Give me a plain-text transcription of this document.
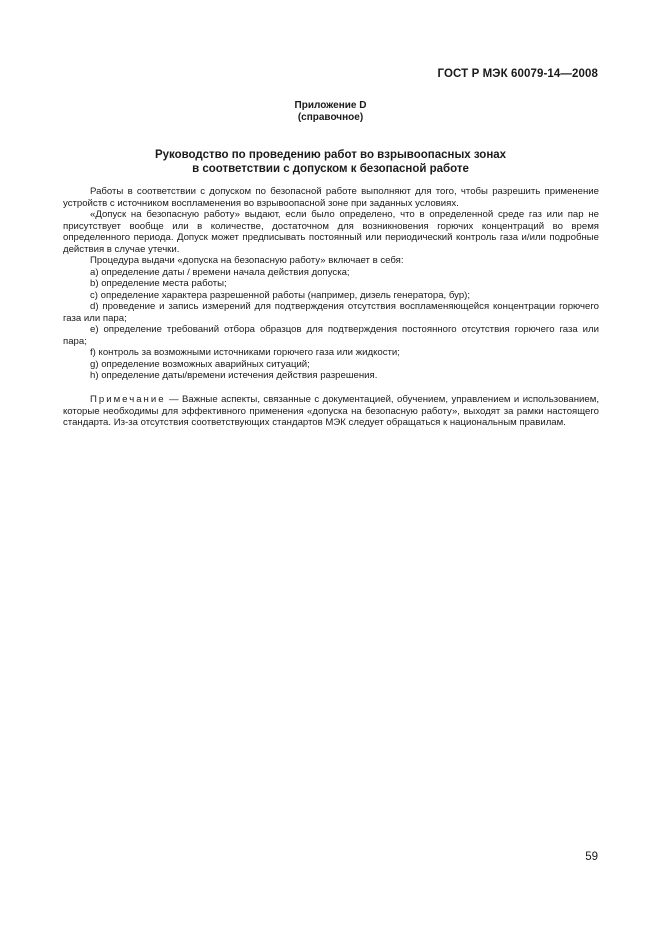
ГОСТ Р МЭК 60079-14—2008
Приложение D
(справочное)
Руководство по проведению работ во взрывоопасных зонах
в соответствии с допуском к безопасной работе

Работы в соответствии с допуском по безопасной работе выполняют для того, чтобы разрешить применение устройств с источником воспламенения во взрывоопасной зоне при заданных условиях.

«Допуск на безопасную работу» выдают, если было определено, что в определенной среде газ или пар не присутствует вообще или в количестве, достаточном для возникновения горючих концентраций во время определенного периода. Допуск может предписывать постоянный или периодический контроль газа и/или подробные действия в случае утечки.

Процедура выдачи «допуска на безопасную работу» включает в себя:

a) определение даты / времени начала действия допуска;

b) определение места работы;

c) определение характера разрешенной работы (например, дизель генератора, бур);

d) проведение и запись измерений для подтверждения отсутствия воспламеняющейся концентрации горючего газа или пара;

e) определение требований отбора образцов для подтверждения постоянного отсутствия горючего газа или пара;

f) контроль за возможными источниками горючего газа или жидкости;

g) определение возможных аварийных ситуаций;

h) определение даты/времени истечения действия разрешения.

Примечание — Важные аспекты, связанные с документацией, обучением, управлением и использованием, которые необходимы для эффективного применения «допуска на безопасную работу», выходят за рамки настоящего стандарта. Из-за отсутствия соответствующих стандартов МЭК следует обращаться к национальным правилам.
59
